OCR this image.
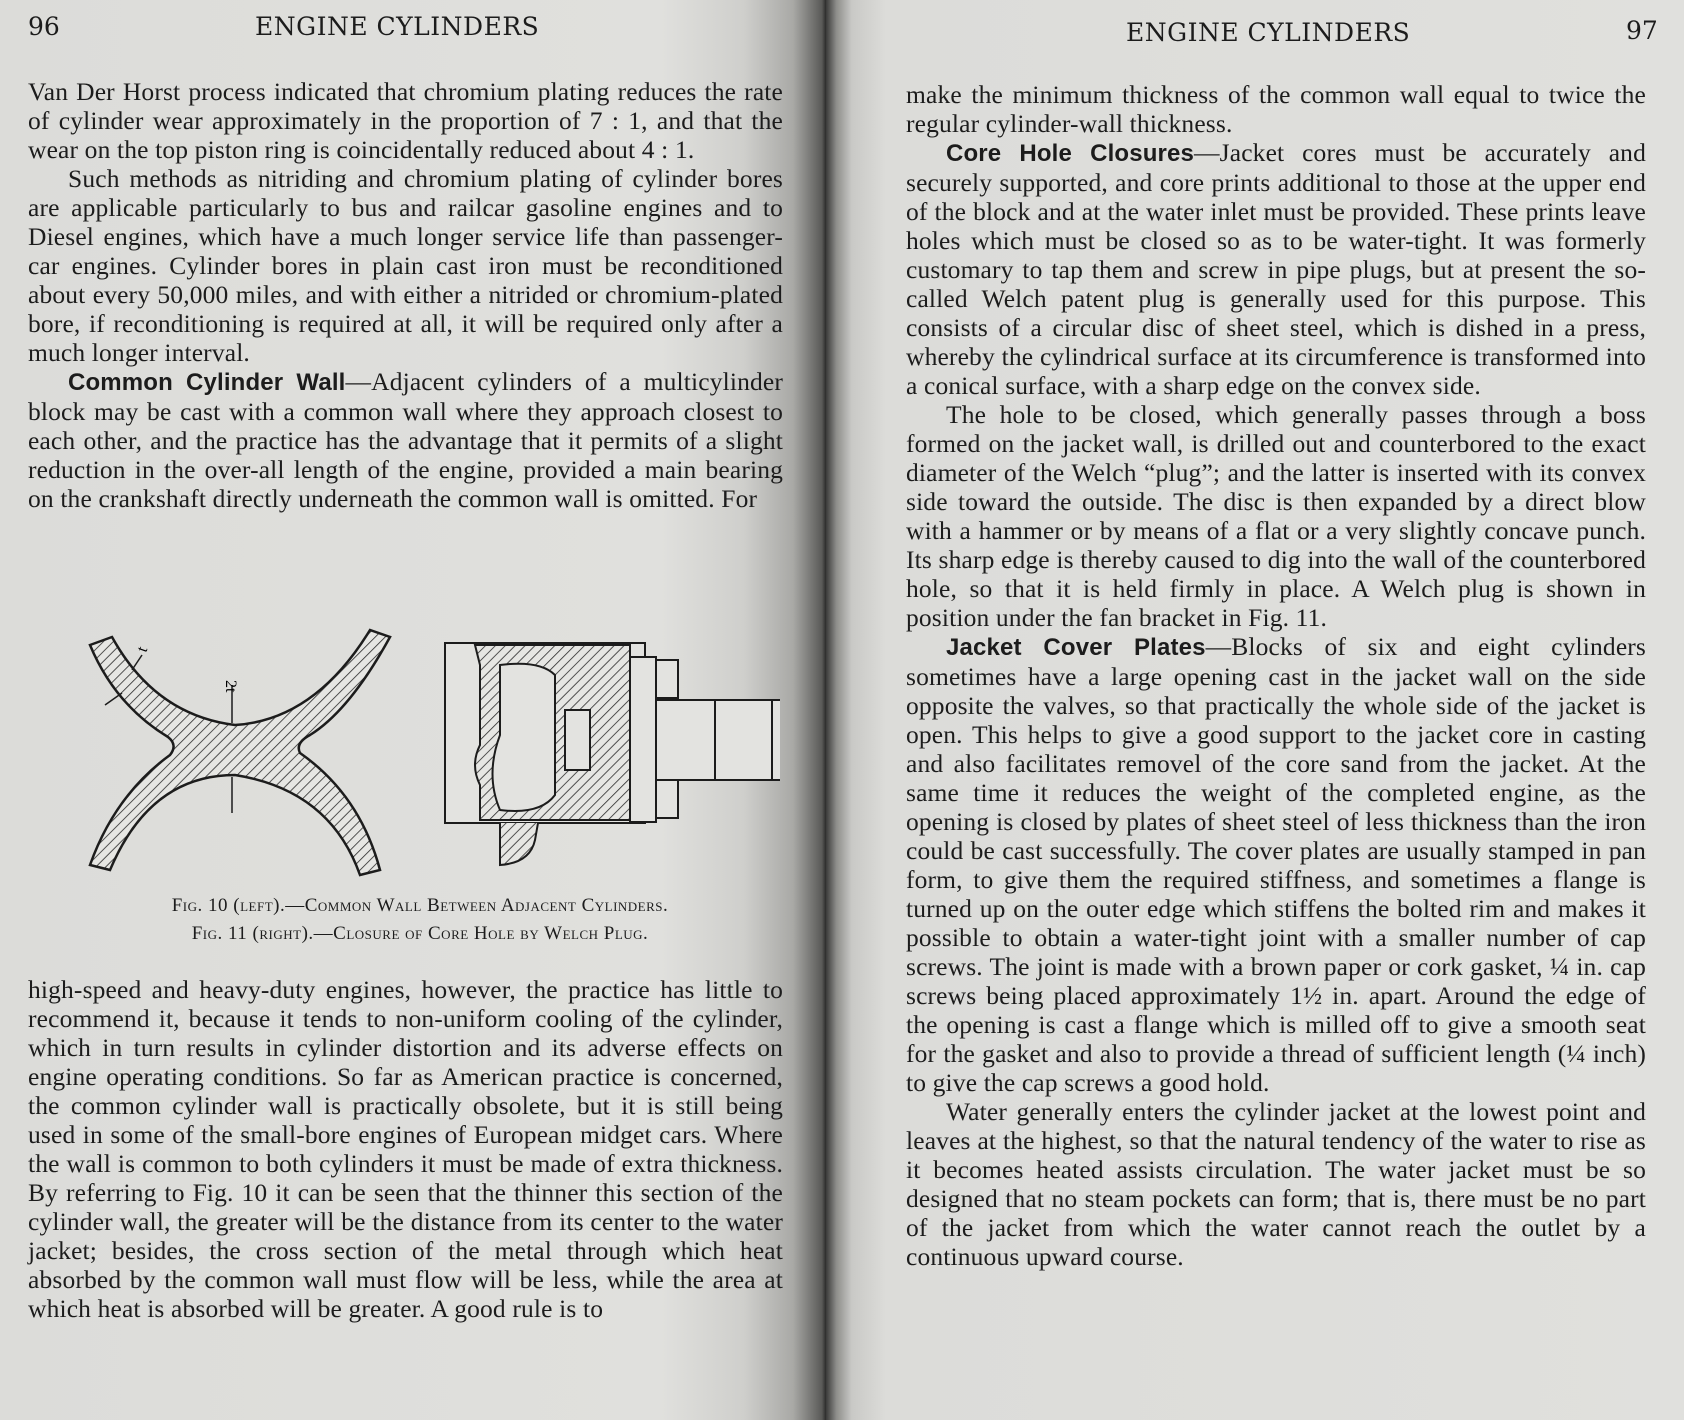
96	ENGINE CYLINDERS

Van Der Horst process indicated that chromium plating reduces the rate of cylinder wear approximately in the proportion of 7 : 1, and that the wear on the top piston ring is coincidentally reduced about 4 : 1.

Such methods as nitriding and chromium plating of cylinder bores are applicable particularly to bus and railcar gasoline engines and to Diesel engines, which have a much longer service life than passenger-car engines. Cylinder bores in plain cast iron must be reconditioned about every 50,000 miles, and with either a nitrided or chromium-plated bore, if reconditioning is required at all, it will be required only after a much longer interval.

Common Cylinder Wall—Adjacent cylinders of a multicylinder block may be cast with a common wall where they approach closest to each other, and the practice has the advantage that it permits of a slight reduction in the over-all length of the engine, provided a main bearing on the crankshaft directly underneath the common wall is omitted. For

t
2t
Fig. 10 (left).—Common Wall Between Adjacent Cylinders.
Fig. 11 (right).—Closure of Core Hole by Welch Plug.

high-speed and heavy-duty engines, however, the practice has little to recommend it, because it tends to non-uniform cooling of the cylinder, which in turn results in cylinder distortion and its adverse effects on engine operating conditions. So far as American practice is concerned, the common cylinder wall is practically obsolete, but it is still being used in some of the small-bore engines of European midget cars. Where the wall is common to both cylinders it must be made of extra thickness. By referring to Fig. 10 it can be seen that the thinner this section of the cylinder wall, the greater will be the distance from its center to the water jacket; besides, the cross section of the metal through which heat absorbed by the common wall must flow will be less, while the area at which heat is absorbed will be greater. A good rule is to

ENGINE CYLINDERS	97

make the minimum thickness of the common wall equal to twice the regular cylinder-wall thickness.

Core Hole Closures—Jacket cores must be accurately and securely supported, and core prints additional to those at the upper end of the block and at the water inlet must be provided. These prints leave holes which must be closed so as to be water-tight. It was formerly customary to tap them and screw in pipe plugs, but at present the so-called Welch patent plug is generally used for this purpose. This consists of a circular disc of sheet steel, which is dished in a press, whereby the cylindrical surface at its circumference is transformed into a conical surface, with a sharp edge on the convex side.

The hole to be closed, which generally passes through a boss formed on the jacket wall, is drilled out and counterbored to the exact diameter of the Welch “plug”; and the latter is inserted with its convex side toward the outside. The disc is then expanded by a direct blow with a hammer or by means of a flat or a very slightly concave punch. Its sharp edge is thereby caused to dig into the wall of the counterbored hole, so that it is held firmly in place. A Welch plug is shown in position under the fan bracket in Fig. 11.

Jacket Cover Plates—Blocks of six and eight cylinders sometimes have a large opening cast in the jacket wall on the side opposite the valves, so that practically the whole side of the jacket is open. This helps to give a good support to the jacket core in casting and also facilitates removel of the core sand from the jacket. At the same time it reduces the weight of the completed engine, as the opening is closed by plates of sheet steel of less thickness than the iron could be cast successfully. The cover plates are usually stamped in pan form, to give them the required stiffness, and sometimes a flange is turned up on the outer edge which stiffens the bolted rim and makes it possible to obtain a water-tight joint with a smaller number of cap screws. The joint is made with a brown paper or cork gasket, ¼ in. cap screws being placed approximately 1½ in. apart. Around the edge of the opening is cast a flange which is milled off to give a smooth seat for the gasket and also to provide a thread of sufficient length (¼ inch) to give the cap screws a good hold.

Water generally enters the cylinder jacket at the lowest point and leaves at the highest, so that the natural tendency of the water to rise as it becomes heated assists circulation. The water jacket must be so designed that no steam pockets can form; that is, there must be no part of the jacket from which the water cannot reach the outlet by a continuous upward course.
